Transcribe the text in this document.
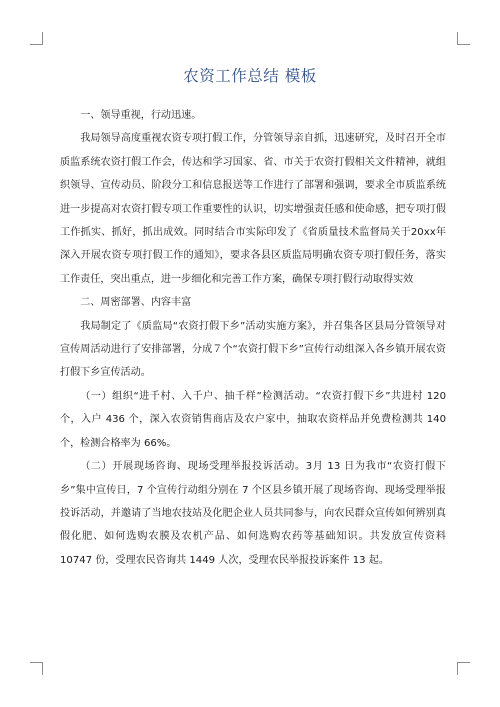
农资工作总结 模板

一、领导重视，行动迅速。

我局领导高度重视农资专项打假工作，分管领导亲自抓，迅速研究，及时召开全市质监系统农资打假工作会，传达和学习国家、省、市关于农资打假相关文件精神，就组织领导、宣传动员、阶段分工和信息报送等工作进行了部署和强调，要求全市质监系统进一步提高对农资打假专项工作重要性的认识，切实增强责任感和使命感，把专项打假工作抓实、抓好，抓出成效。同时结合市实际印发了《省质量技术监督局关于20xx年深入开展农资专项打假工作的通知》，要求各县区质监局明确农资专项打假任务，落实工作责任，突出重点，进一步细化和完善工作方案，确保专项打假行动取得实效

二、周密部署、内容丰富

我局制定了《质监局“农资打假下乡”活动实施方案》，并召集各区县局分管领导对宣传周活动进行了安排部署，分成７个“农资打假下乡”宣传行动组深入各乡镇开展农资打假下乡宣传活动。

（一）组织“进千村、入千户、抽千样”检测活动。“农资打假下乡”共进村 120 个，入户 436 个，深入农资销售商店及农户家中，抽取农资样品并免费检测共 140 个，检测合格率为 66%。

（二）开展现场咨询、现场受理举报投诉活动。3月 13 日为我市“农资打假下乡”集中宣传日，7 个宣传行动组分别在 7 个区县乡镇开展了现场咨询、现场受理举报投诉活动，并邀请了当地农技站及化肥企业人员共同参与，向农民群众宣传如何辨别真假化肥、如何选购农膜及农机产品、如何选购农药等基础知识。共发放宣传资料 10747 份，受理农民咨询共 1449 人次，受理农民举报投诉案件 13 起。
